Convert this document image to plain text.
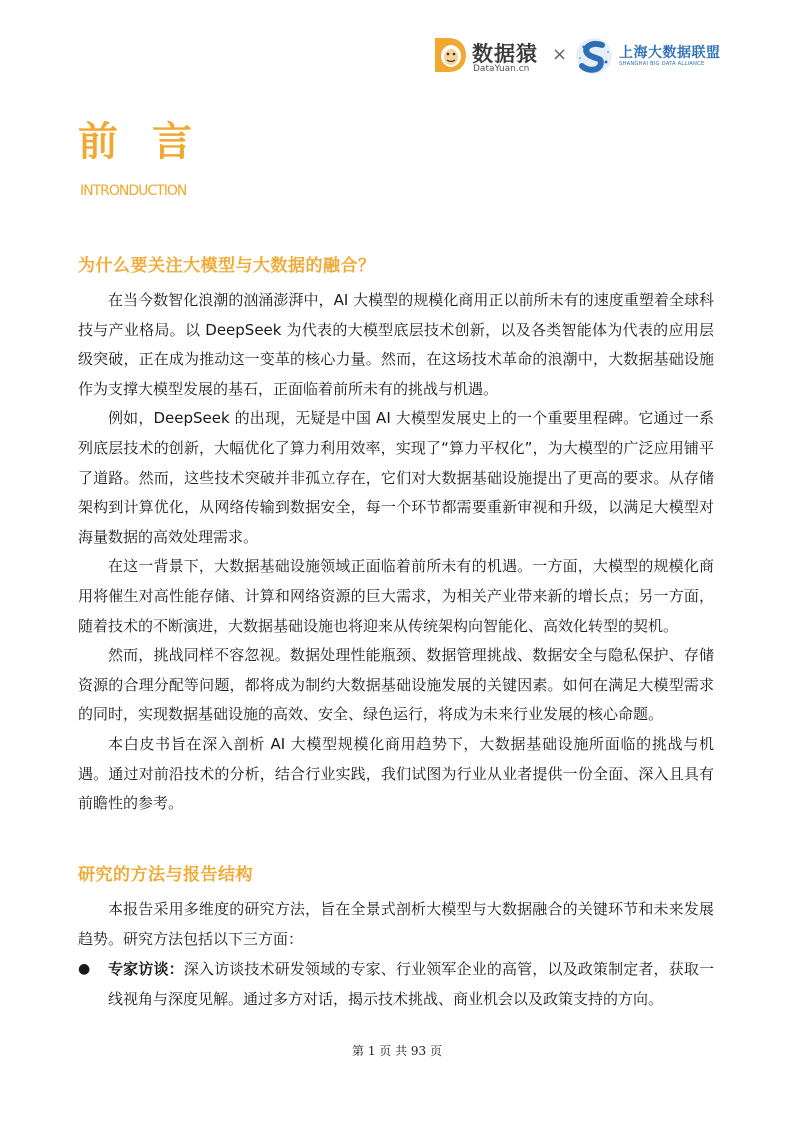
数据猿
DataYuan.cn
×	上海大数据联盟
SHANGHAI BIG DATA ALLIANCE
前言
INTRONDUCTION
为什么要关注大模型与大数据的融合？

在当今数智化浪潮的汹涌澎湃中，AI 大模型的规模化商用正以前所未有的速度重塑着全球科技与产业格局。以 DeepSeek 为代表的大模型底层技术创新，以及各类智能体为代表的应用层级突破，正在成为推动这一变革的核心力量。然而，在这场技术革命的浪潮中，大数据基础设施作为支撑大模型发展的基石，正面临着前所未有的挑战与机遇。

例如，DeepSeek 的出现，无疑是中国 AI 大模型发展史上的一个重要里程碑。它通过一系列底层技术的创新，大幅优化了算力利用效率，实现了“算力平权化”，为大模型的广泛应用铺平了道路。然而，这些技术突破并非孤立存在，它们对大数据基础设施提出了更高的要求。从存储架构到计算优化，从网络传输到数据安全，每一个环节都需要重新审视和升级，以满足大模型对海量数据的高效处理需求。

在这一背景下，大数据基础设施领域正面临着前所未有的机遇。一方面，大模型的规模化商用将催生对高性能存储、计算和网络资源的巨大需求，为相关产业带来新的增长点；另一方面，随着技术的不断演进，大数据基础设施也将迎来从传统架构向智能化、高效化转型的契机。

然而，挑战同样不容忽视。数据处理性能瓶颈、数据管理挑战、数据安全与隐私保护、存储资源的合理分配等问题，都将成为制约大数据基础设施发展的关键因素。如何在满足大模型需求的同时，实现数据基础设施的高效、安全、绿色运行，将成为未来行业发展的核心命题。

本白皮书旨在深入剖析 AI 大模型规模化商用趋势下，大数据基础设施所面临的挑战与机遇。通过对前沿技术的分析，结合行业实践，我们试图为行业从业者提供一份全面、深入且具有前瞻性的参考。

研究的方法与报告结构

本报告采用多维度的研究方法，旨在全景式剖析大模型与大数据融合的关键环节和未来发展趋势。研究方法包括以下三方面：

● 专家访谈：深入访谈技术研发领域的专家、行业领军企业的高管，以及政策制定者，获取一线视角与深度见解。通过多方对话，揭示技术挑战、商业机会以及政策支持的方向。
第 1 页 共 93 页
